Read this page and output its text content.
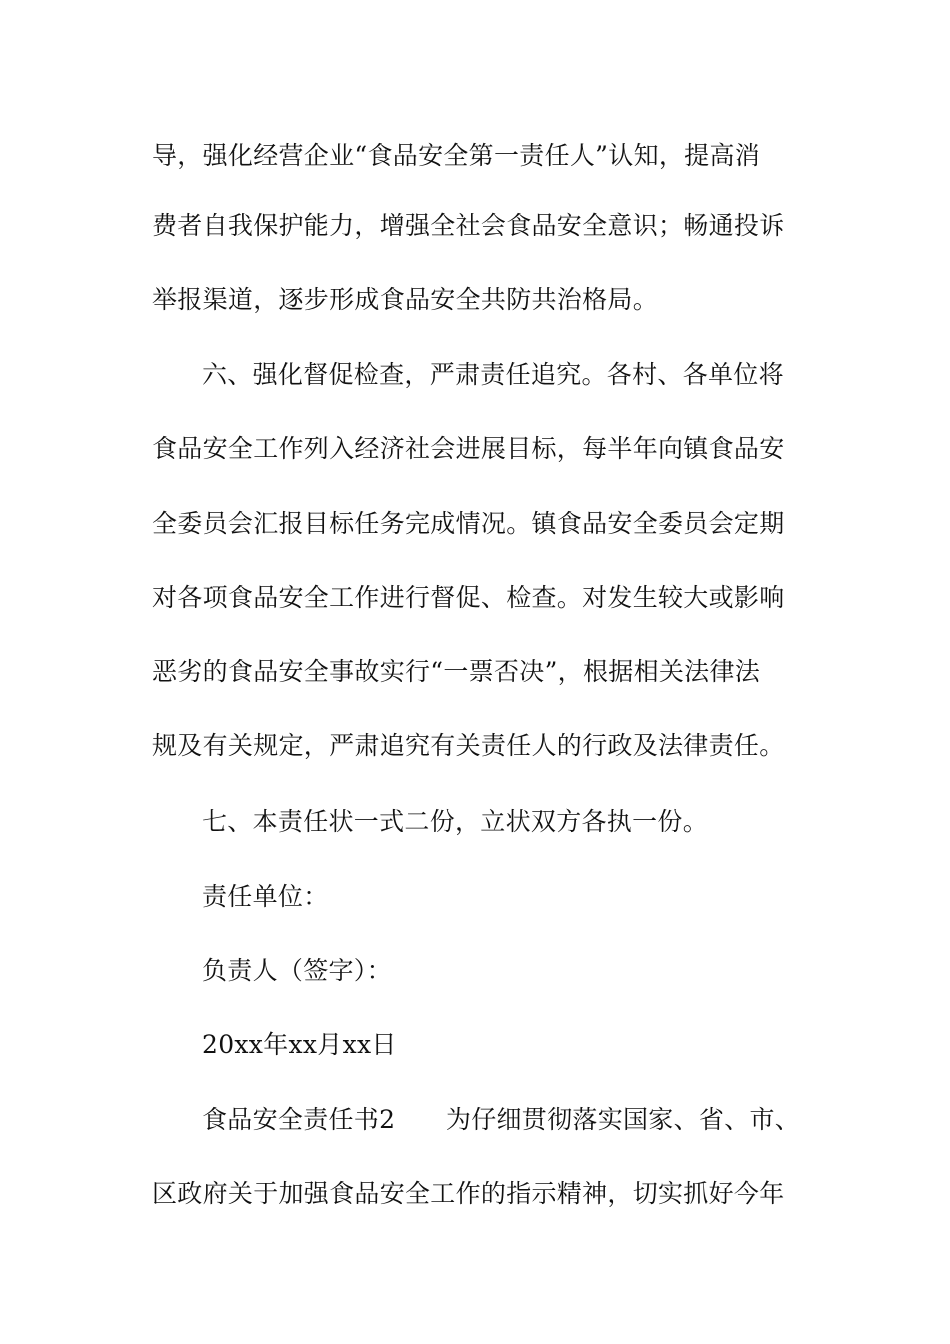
导，强化经营企业“食品安全第一责任人”认知，提高消
费者自我保护能力，增强全社会食品安全意识；畅通投诉
举报渠道，逐步形成食品安全共防共治格局。
六、强化督促检查，严肃责任追究。各村、各单位将
食品安全工作列入经济社会进展目标，每半年向镇食品安
全委员会汇报目标任务完成情况。镇食品安全委员会定期
对各项食品安全工作进行督促、检查。对发生较大或影响
恶劣的食品安全事故实行“一票否决”，根据相关法律法
规及有关规定，严肃追究有关责任人的行政及法律责任。
七、本责任状一式二份，立状双方各执一份。
责任单位：
负责人（签字）：
20xx年xx月xx日
食品安全责任书2　　为仔细贯彻落实国家、省、市、
区政府关于加强食品安全工作的指示精神，切实抓好今年
